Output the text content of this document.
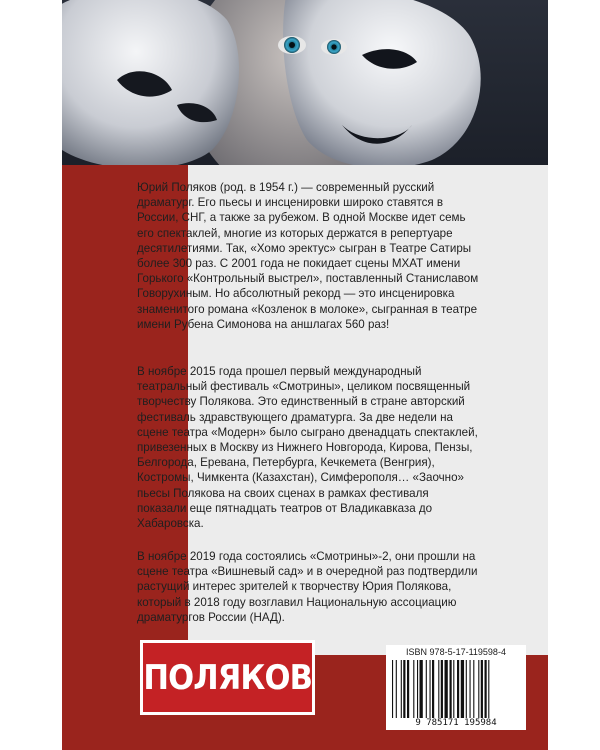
Юрий Поляков (род. в 1954 г.) — современный русский драматург. Его пьесы и инсценировки широко ставятся в России, СНГ, а также за рубежом. В одной Москве идет семь его спектаклей, многие из которых держатся в репертуаре десятилетиями. Так, «Хомо эректус» сыгран в Театре Сатиры более 300 раз. С 2001 года не покидает сцены МХАТ имени Горького «Контрольный выстрел», поставленный Станиславом Говорухиным. Но абсолютный рекорд — это инсценировка знаменитого романа «Козленок в молоке», сыгранная в театре имени Рубена Симонова на аншлагах 560 раз!

В ноябре 2015 года прошел первый международный театральный фестиваль «Смотрины», целиком посвященный творчеству Полякова. Это единственный в стране авторский фестиваль здравствующего драматурга. За две недели на сцене театра «Модерн» было сыграно двенадцать спектаклей, привезенных в Москву из Нижнего Новгорода, Кирова, Пензы, Белгорода, Еревана, Петербурга, Кечкемета (Венгрия), Костромы, Чимкента (Казахстан), Симферополя… «Заочно» пьесы Полякова на своих сценах в рамках фестиваля показали еще пятнадцать театров от Владикавказа до Хабаровска.

В ноябре 2019 года состоялись «Смотрины»-2, они прошли на сцене театра «Вишневый сад» и в очередной раз подтвердили растущий интерес зрителей к творчеству Юрия Полякова, который в 2018 году возглавил Национальную ассоциацию драматургов России (НАД).

ПОЛЯКОВ
ISBN 978-5-17-119598-4
9 785171 195984
